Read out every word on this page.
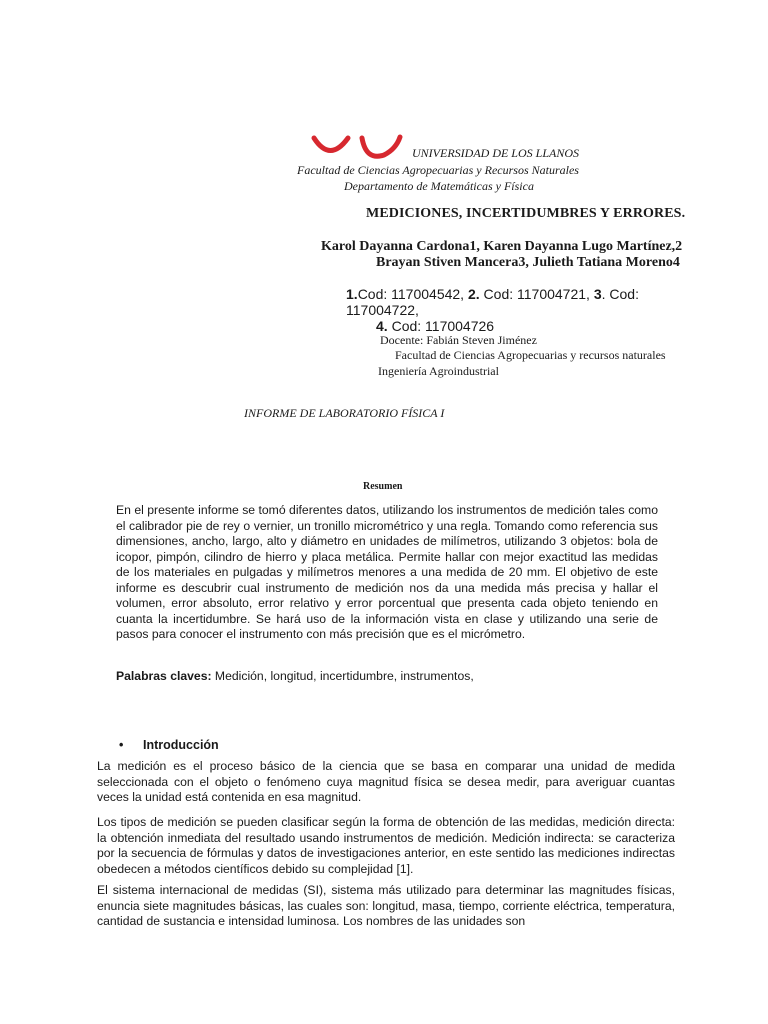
UNIVERSIDAD DE LOS LLANOS
Facultad de Ciencias Agropecuarias y Recursos Naturales
Departamento de Matemáticas y Física
MEDICIONES, INCERTIDUMBRES Y ERRORES.
Karol Dayanna Cardona1, Karen Dayanna Lugo Martínez,2
Brayan Stiven Mancera3, Julieth Tatiana Moreno4
1.Cod: 117004542, 2. Cod: 117004721, 3. Cod: 117004722,
4. Cod: 117004726
Docente: Fabián Steven Jiménez
Facultad de Ciencias Agropecuarias y recursos naturales
Ingeniería Agroindustrial
INFORME DE LABORATORIO FÍSICA I
Resumen
En el presente informe se tomó diferentes datos, utilizando los instrumentos de medición tales como el calibrador pie de rey o vernier, un tronillo micrométrico y una regla. Tomando como referencia sus dimensiones, ancho, largo, alto y diámetro en unidades de milímetros, utilizando 3 objetos: bola de icopor, pimpón, cilindro de hierro y placa metálica. Permite hallar con mejor exactitud las medidas de los materiales en pulgadas y milímetros menores a una medida de 20 mm. El objetivo de este informe es descubrir cual instrumento de medición nos da una medida más precisa y hallar el volumen, error absoluto, error relativo y error porcentual que presenta cada objeto teniendo en cuanta la incertidumbre. Se hará uso de la información vista en clase y utilizando una serie de pasos para conocer el instrumento con más precisión que es el micrómetro.
Palabras claves: Medición, longitud, incertidumbre, instrumentos,
• Introducción
La medición es el proceso básico de la ciencia que se basa en comparar una unidad de medida seleccionada con el objeto o fenómeno cuya magnitud física se desea medir, para averiguar cuantas veces la unidad está contenida en esa magnitud.
Los tipos de medición se pueden clasificar según la forma de obtención de las medidas, medición directa: la obtención inmediata del resultado usando instrumentos de medición. Medición indirecta: se caracteriza por la secuencia de fórmulas y datos de investigaciones anterior, en este sentido las mediciones indirectas obedecen a métodos científicos debido su complejidad [1].
El sistema internacional de medidas (SI), sistema más utilizado para determinar las magnitudes físicas, enuncia siete magnitudes básicas, las cuales son: longitud, masa, tiempo, corriente eléctrica, temperatura, cantidad de sustancia e intensidad luminosa. Los nombres de las unidades son
